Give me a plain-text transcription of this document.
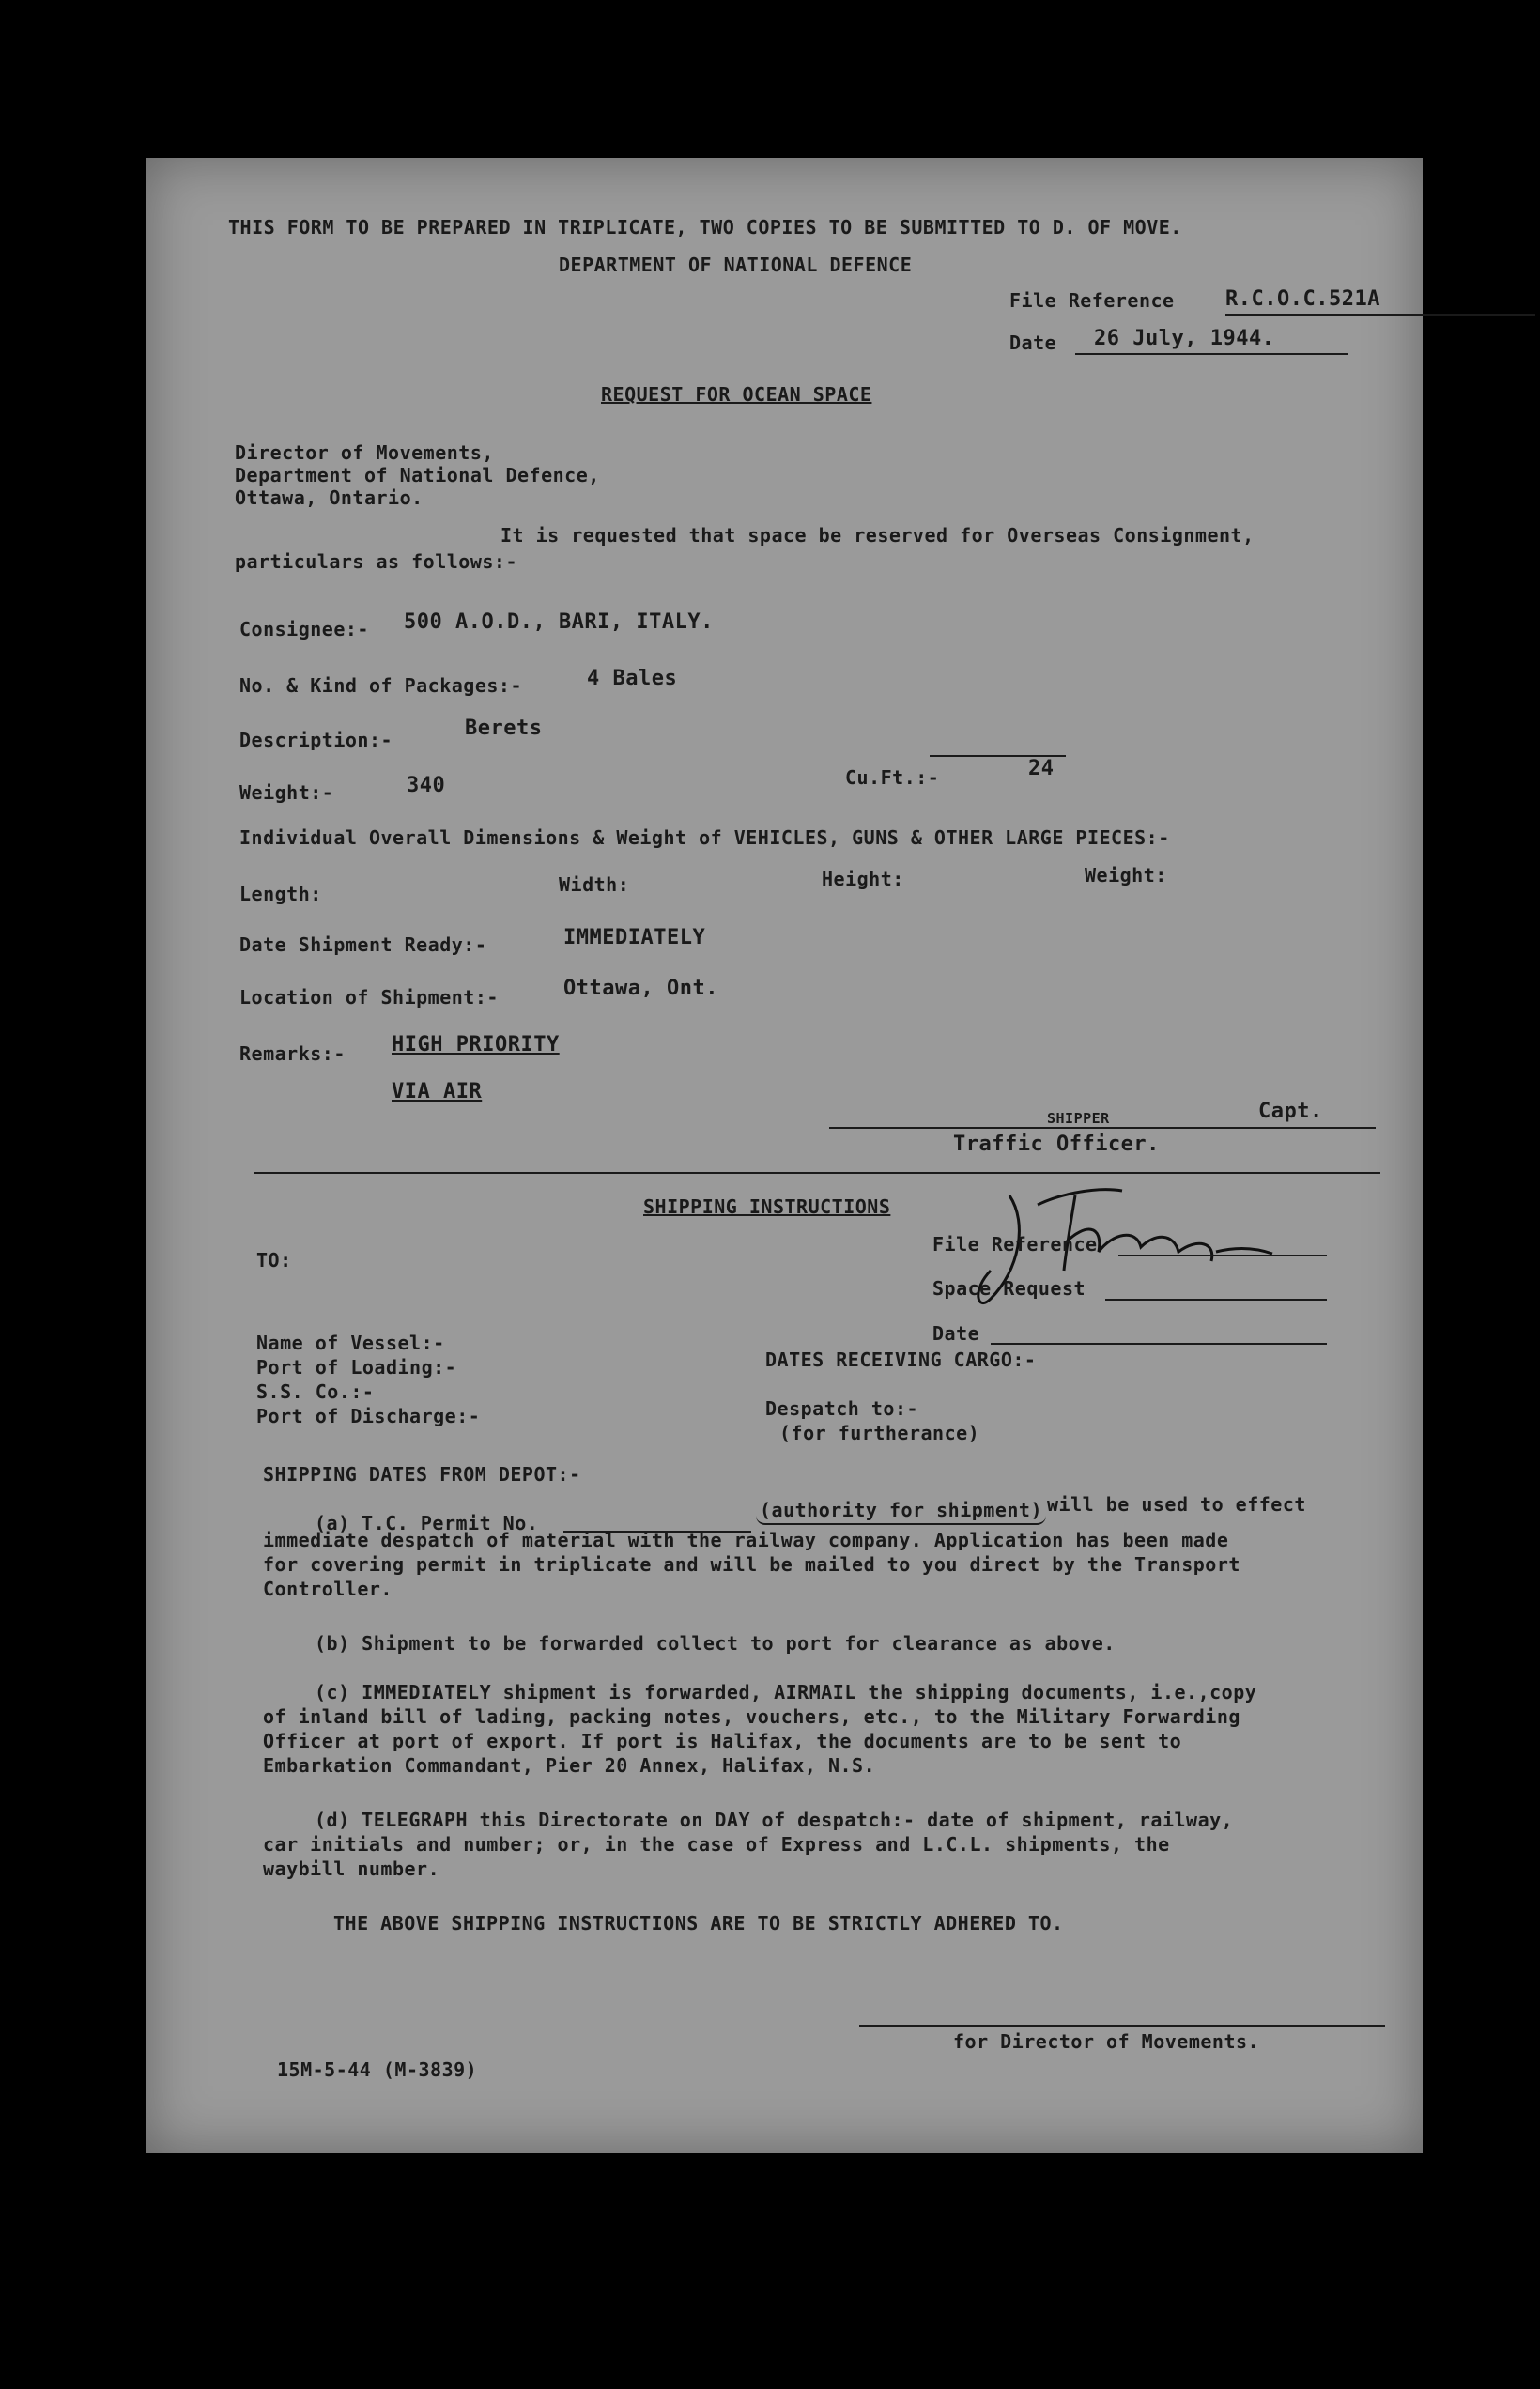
THIS FORM TO BE PREPARED IN TRIPLICATE, TWO COPIES TO BE SUBMITTED TO D. OF MOVE.
DEPARTMENT OF NATIONAL DEFENCE
File Reference R.C.O.C.521A
Date 26 July, 1944.
REQUEST FOR OCEAN SPACE
Director of Movements,
Department of National Defence,
Ottawa, Ontario.
It is requested that space be reserved for Overseas Consignment,
particulars as follows:-
Consignee:- 500 A.O.D., BARI, ITALY.
No. & Kind of Packages:-	4 Bales
Description:-	Berets
Weight:-	340	Cu.Ft.:-	24
Individual Overall Dimensions & Weight of VEHICLES, GUNS & OTHER LARGE PIECES:-
Length:	Width:	Height:	Weight:
Date Shipment Ready:-	IMMEDIATELY
Location of Shipment:-	Ottawa, Ont.
Remarks:- HIGH PRIORITY
VIA AIR
Capt.
SHIPPER
Traffic Officer.
SHIPPING INSTRUCTIONS
File Reference
Space Request
Date
TO:
Name of Vessel:-
Port of Loading:-
S.S. Co.:-
Port of Discharge:-
DATES RECEIVING CARGO:-
Despatch to:-
(for furtherance)
SHIPPING DATES FROM DEPOT:-
(a) T.C. Permit No.
(authority for shipment) will be used to effect
immediate despatch of material with the railway company. Application has been made
for covering permit in triplicate and will be mailed to you direct by the Transport
Controller.
(b) Shipment to be forwarded collect to port for clearance as above.
(c) IMMEDIATELY shipment is forwarded, AIRMAIL the shipping documents, i.e.,copy
of inland bill of lading, packing notes, vouchers, etc., to the Military Forwarding
Officer at port of export. If port is Halifax, the documents are to be sent to
Embarkation Commandant, Pier 20 Annex, Halifax, N.S.
(d) TELEGRAPH this Directorate on DAY of despatch:- date of shipment, railway,
car initials and number; or, in the case of Express and L.C.L. shipments, the
waybill number.
THE ABOVE SHIPPING INSTRUCTIONS ARE TO BE STRICTLY ADHERED TO.
for Director of Movements.
15M-5-44 (M-3839)
